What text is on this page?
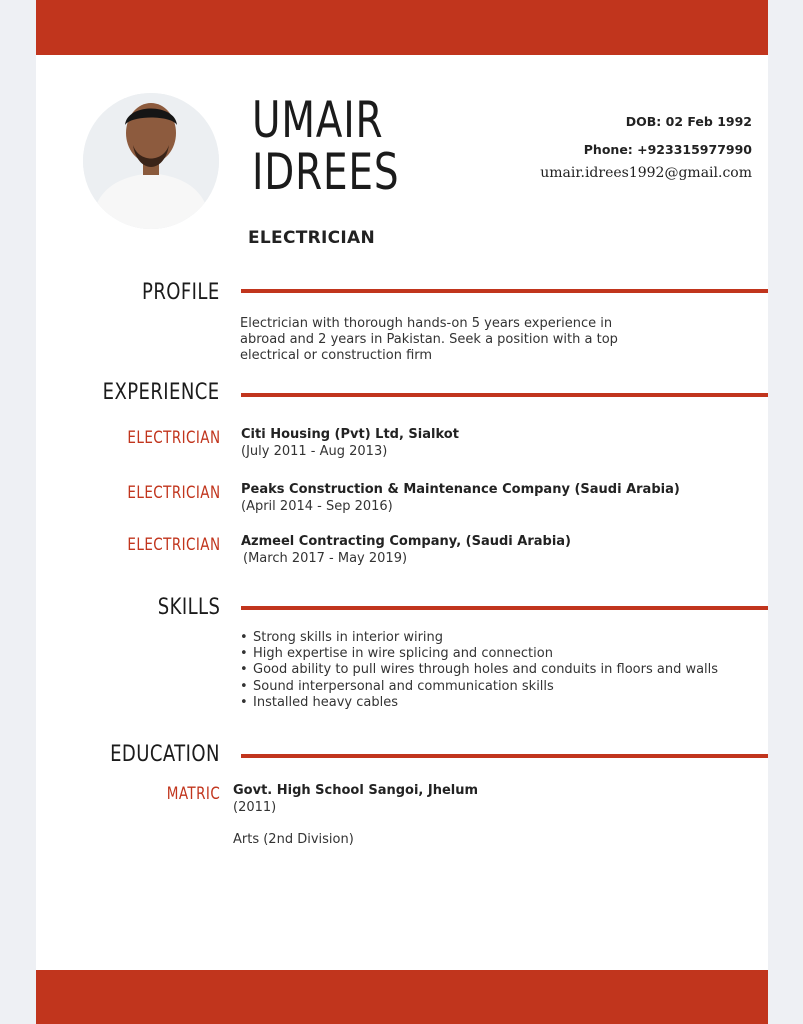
UMAIR
IDREES
ELECTRICIAN
DOB: 02 Feb 1992
Phone: +923315977990
umair.idrees1992@gmail.com
PROFILE
Electrician with thorough hands-on 5 years experience in
abroad and 2 years in Pakistan. Seek a position with a top
electrical or construction firm
EXPERIENCE
ELECTRICIAN Citi Housing (Pvt) Ltd, Sialkot
(July 2011 - Aug 2013)
ELECTRICIAN Peaks Construction & Maintenance Company (Saudi Arabia)
(April 2014 - Sep 2016)
ELECTRICIAN Azmeel Contracting Company, (Saudi Arabia)
(March 2017 - May 2019)
SKILLS
• Strong skills in interior wiring
• High expertise in wire splicing and connection
• Good ability to pull wires through holes and conduits in floors and walls
• Sound interpersonal and communication skills
• Installed heavy cables
EDUCATION
MATRIC Govt. High School Sangoi, Jhelum
(2011)
Arts (2nd Division)
